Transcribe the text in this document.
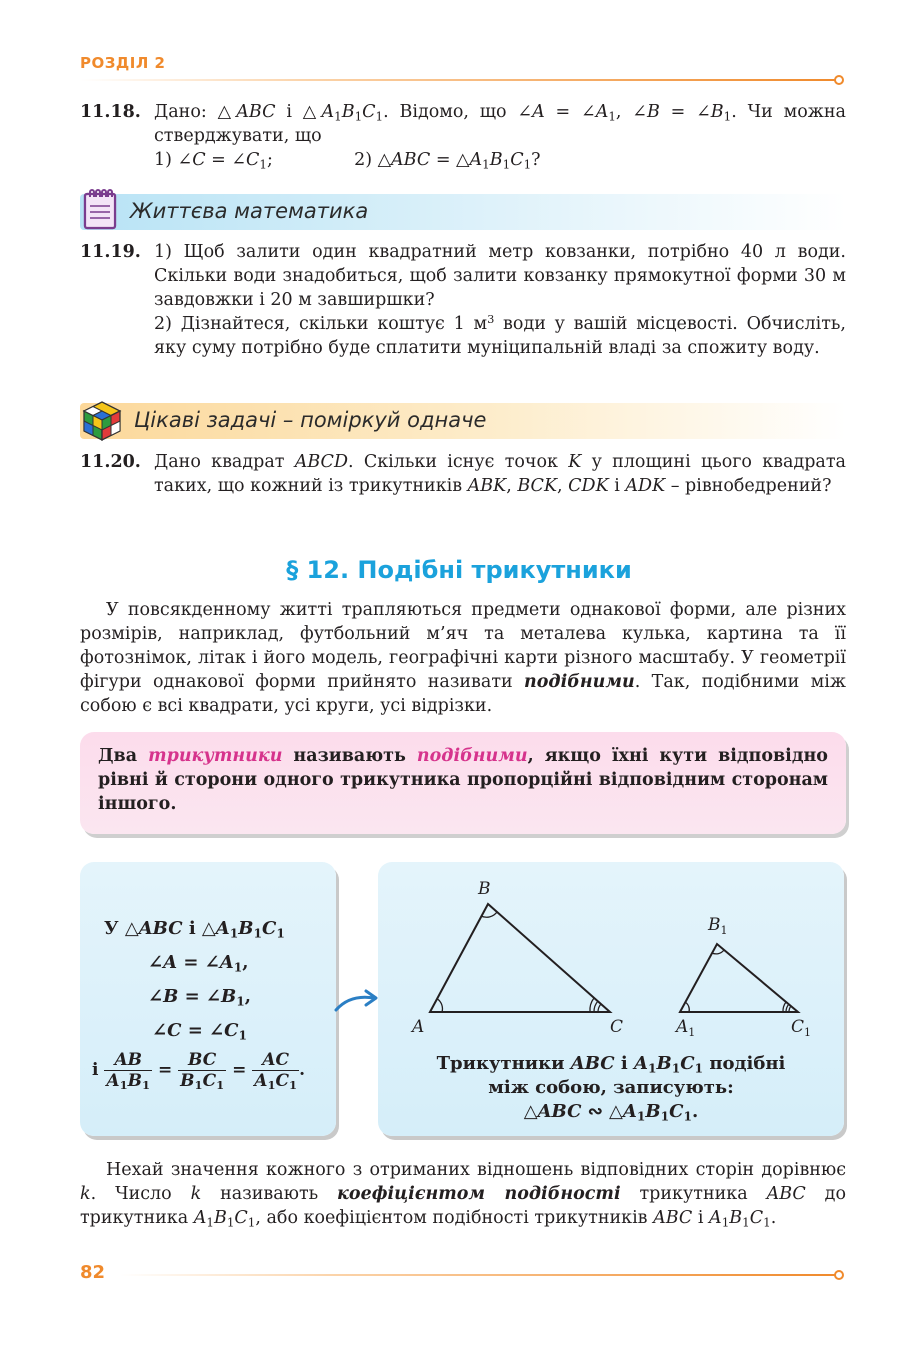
РОЗДІЛ 2
11.18. Дано: △ABC і $\triangle A_1B_1C_1$. Відомо, що ∠A = $\angle A_1$, ∠B = $\angle B_1$. Чи можна стверджувати, що

1) ∠C = $\angle C_1$;	2) △ABC = $\triangle A_1B_1C_1$?

Життєва математика
11.19. 1) Щоб залити один квадратний метр ковзанки, потрібно 40 л води. Скільки води знадобиться, щоб залити ковзанку прямокутної форми 30 м завдовжки і 20 м завширшки?

2) Дізнайтеся, скільки коштує 1 $м^3$ води у вашій місцевості. Обчисліть, яку суму потрібно буде сплатити муніципальній владі за спожиту воду.

Цікаві задачі – поміркуй одначе
11.20. Дано квадрат ABCD. Скільки існує точок K у площині цього квадрата таких, що кожний із трикутників ABK, BCK, CDK і ADK – рівнобедрений?

§ 12. Подібні трикутники

У повсякденному житті трапляються предмети однакової форми, але різних розмірів, наприклад, футбольний м’яч та металева кулька, картина та її фотознімок, літак і його модель, географічні карти різного масштабу. У геометрії фігури однакової форми прийнято називати подібними. Так, подібними між собою є всі квадрати, усі круги, усі відрізки.

Два трикутники називають подібними, якщо їхні кути відповідно рівні й сторони одного трикутника пропорційні відповідним сторонам іншого.
У △ABC і $\triangle A_1B_1C_1$
∠A = $\angle A_1$,
∠B = $\angle B_1$,
∠C = $\angle C_1$
і $\frac{AB}{A_1B_1} = \frac{BC}{B_1C_1} = \frac{AC}{A_1C_1}$ .
B
A	C
$B_1$
$A_1$	$C_1$
Трикутники ABC і $A_1B_1C_1$ подібні
між собою, записують:
△ABC ∾ $\triangle A_1B_1C_1$.

Нехай значення кожного з отриманих відношень відповідних сторін дорівнює k. Число k називають коефіцієнтом подібності трикутника ABC до трикутника $A_1B_1C_1$, або коефіцієнтом подібності трикутників ABC і $A_1B_1C_1$.

82
